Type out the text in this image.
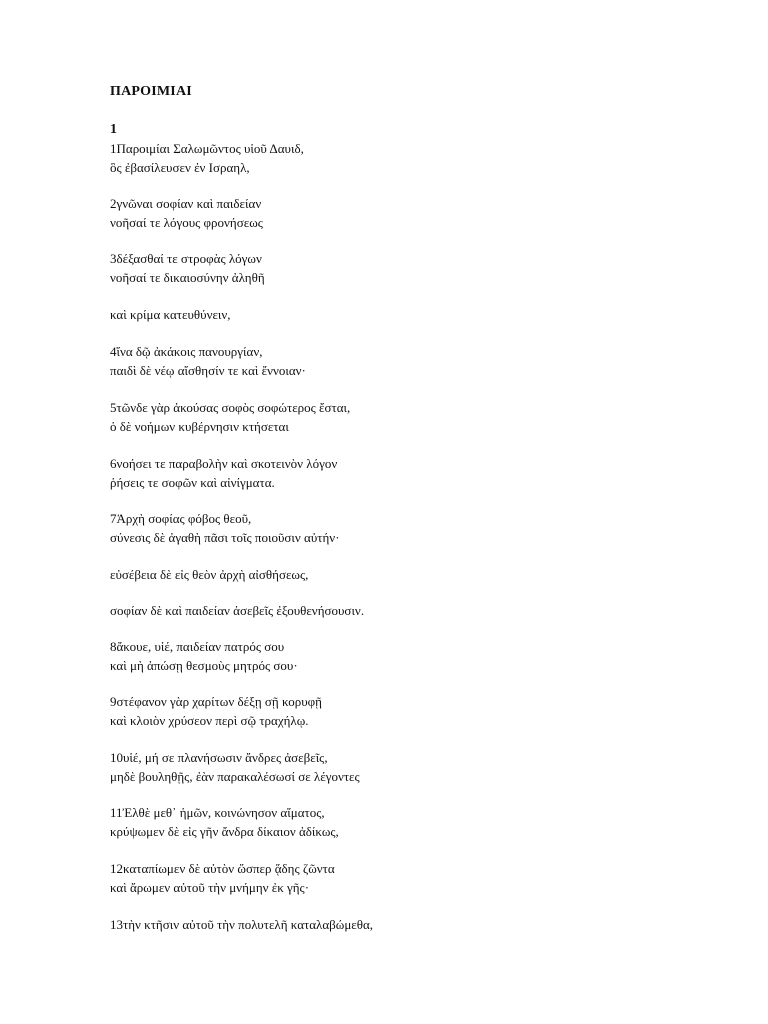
ΠΑΡΟΙΜΙΑΙ
1
1Παροιμίαι Σαλωμῶντος υἱοῦ Δαυιδ,
ὃς ἐβασίλευσεν ἐν Ισραηλ,
2γνῶναι σοφίαν καὶ παιδείαν
νοῆσαί τε λόγους φρονήσεως
3δέξασθαί τε στροφὰς λόγων
νοῆσαί τε δικαιοσύνην ἀληθῆ
καὶ κρίμα κατευθύνειν,
4ἵνα δῷ ἀκάκοις πανουργίαν,
παιδὶ δὲ νέῳ αἴσθησίν τε καὶ ἔννοιαν·
5τῶνδε γὰρ ἀκούσας σοφὸς σοφώτερος ἔσται,
ὁ δὲ νοήμων κυβέρνησιν κτήσεται
6νοήσει τε παραβολὴν καὶ σκοτεινὸν λόγον
ῥήσεις τε σοφῶν καὶ αἰνίγματα.
7Ἀρχὴ σοφίας φόβος θεοῦ,
σύνεσις δὲ ἀγαθὴ πᾶσι τοῖς ποιοῦσιν αὐτήν·
εὐσέβεια δὲ εἰς θεὸν ἀρχὴ αἰσθήσεως,
σοφίαν δὲ καὶ παιδείαν ἀσεβεῖς ἐξουθενήσουσιν.
8ἄκουε, υἱέ, παιδείαν πατρός σου
καὶ μὴ ἀπώσῃ θεσμοὺς μητρός σου·
9στέφανον γὰρ χαρίτων δέξῃ σῇ κορυφῇ
καὶ κλοιὸν χρύσεον περὶ σῷ τραχήλῳ.
10υἱέ, μή σε πλανήσωσιν ἄνδρες ἀσεβεῖς,
μηδὲ βουληθῇς, ἐὰν παρακαλέσωσί σε λέγοντες
11Ἐλθὲ μεθ᾽ ἡμῶν, κοινώνησον αἵματος,
κρύψωμεν δὲ εἰς γῆν ἄνδρα δίκαιον ἀδίκως,
12καταπίωμεν δὲ αὐτὸν ὥσπερ ᾅδης ζῶντα
καὶ ἄρωμεν αὐτοῦ τὴν μνήμην ἐκ γῆς·
13τὴν κτῆσιν αὐτοῦ τὴν πολυτελῆ καταλαβώμεθα,
